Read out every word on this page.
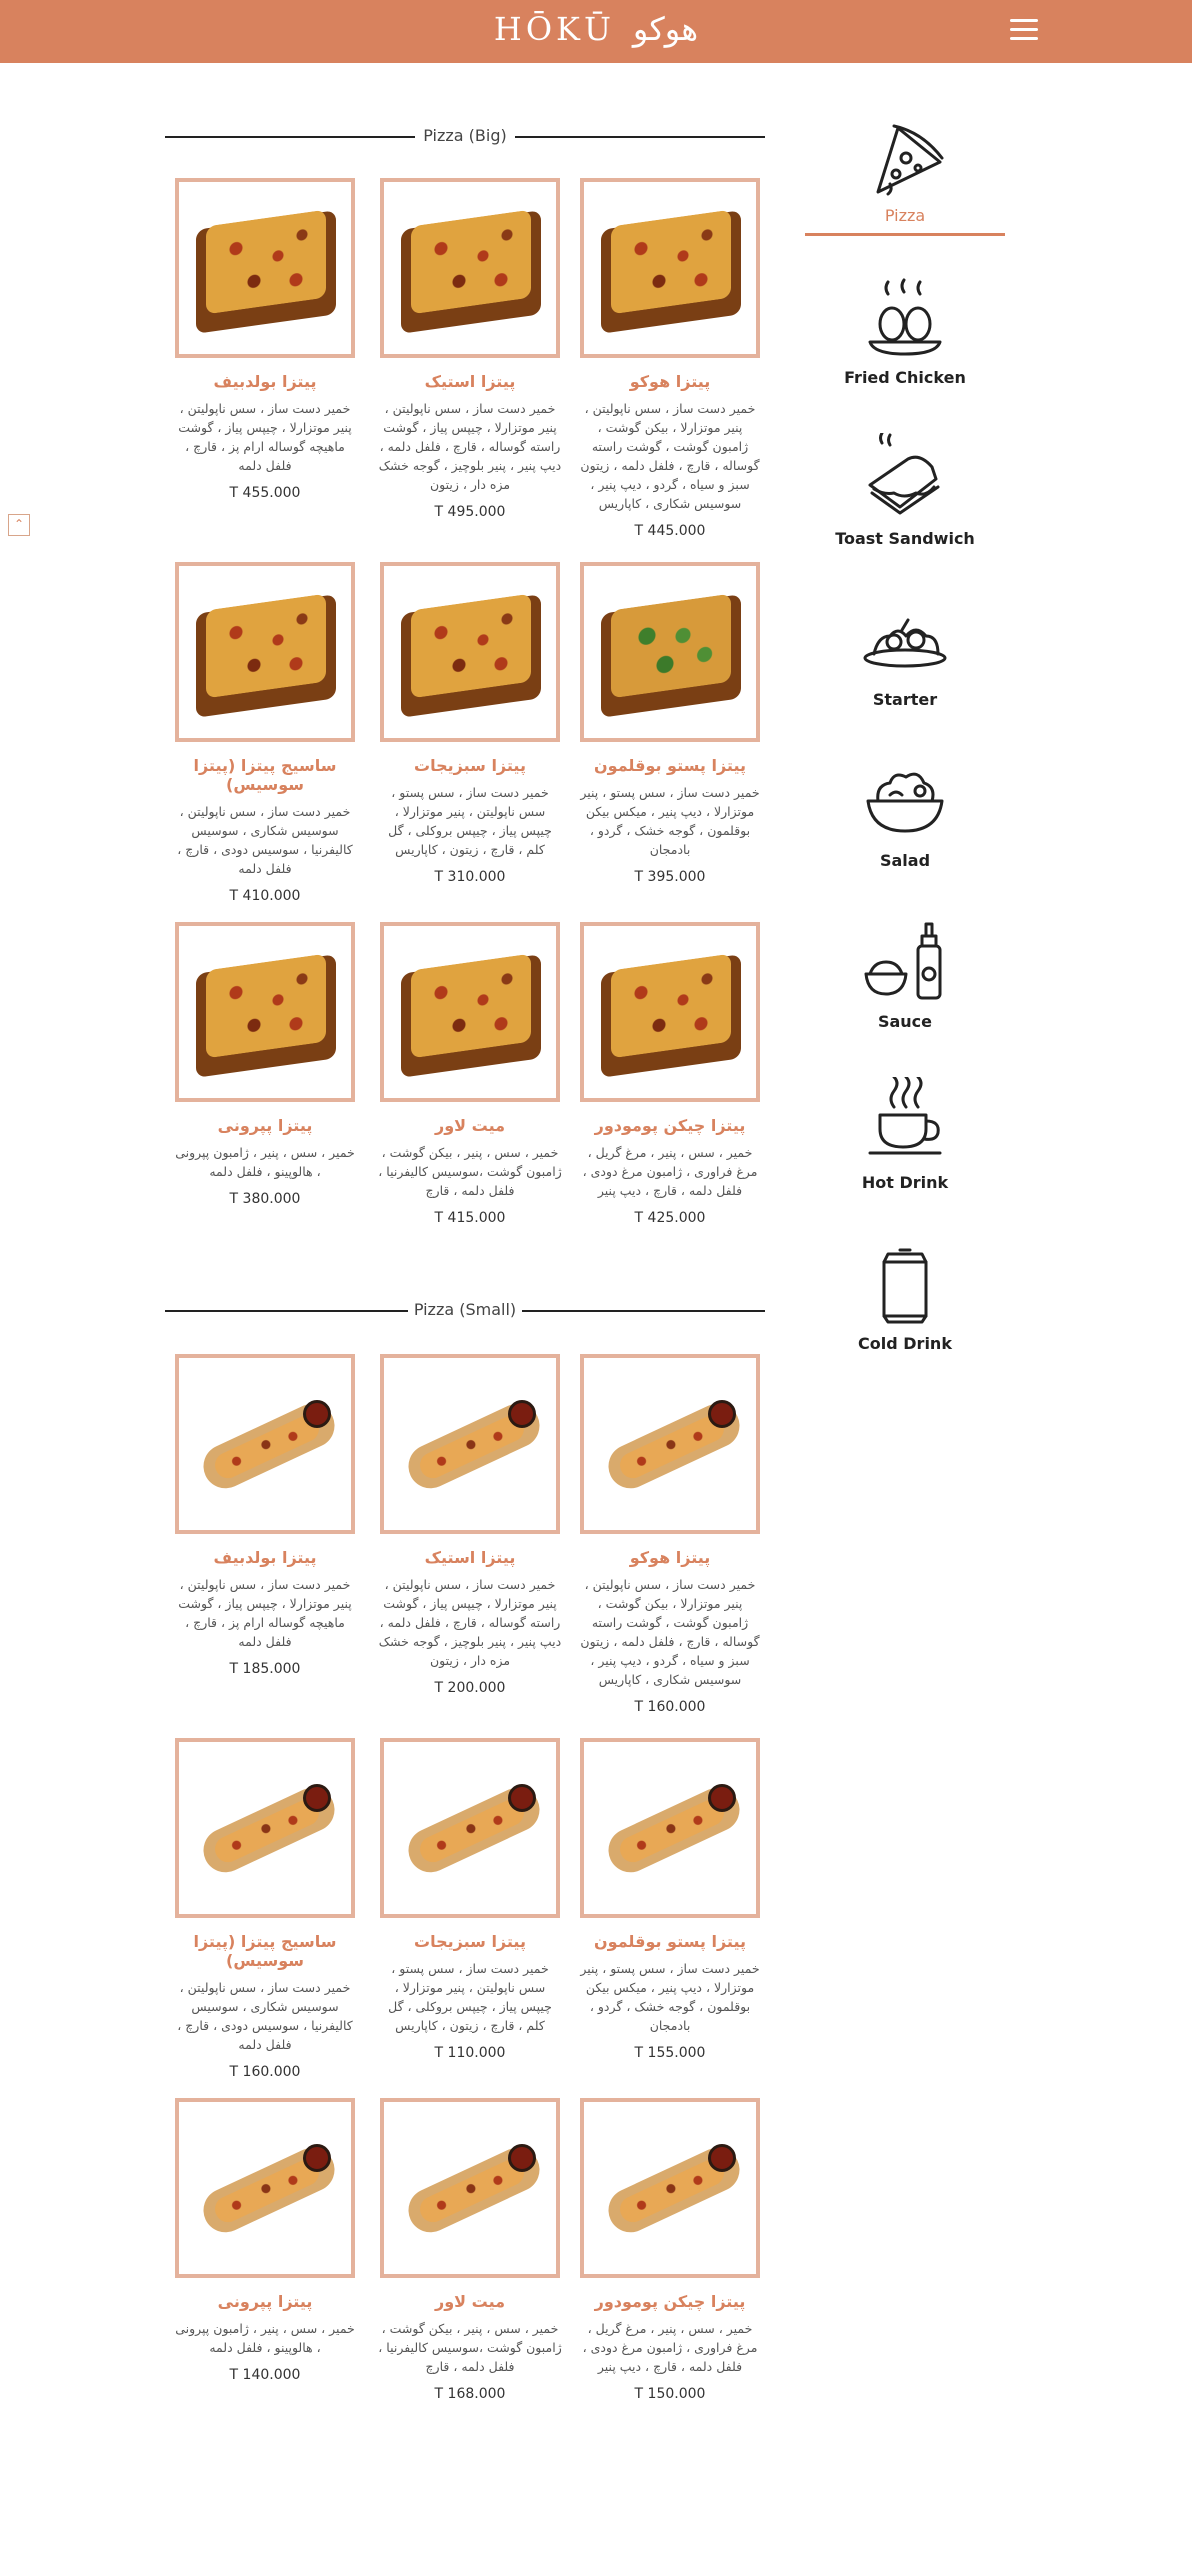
HŌKŪ هوکو
⌃
Pizza (Big)
پیتزا هوکو
خمیر دست ساز ، سس ناپولیتن ، پنیر موتزارلا ، بیکن گوشت ، ژامبون گوشت ، گوشت راسته گوساله ، قارچ ، فلفل دلمه ، زیتون سبز و سیاه ، گردو ، دیپ پنیر ، سوسیس شکاری ، کاپاریس
T 445.000
پیتزا استیک
خمیر دست ساز ، سس ناپولیتن ، پنیر موتزارلا ، چیپس پیاز ، گوشت راسته گوساله ، قارچ ، فلفل دلمه ، دیپ پنیر ، پنیر بلوچیز ، گوجه خشک مزه دار ، زیتون
T 495.000
پیتزا بولدبیف
خمیر دست ساز ، سس ناپولیتن ، پنیر موتزارلا ، چیپس پیاز ، گوشت ماهیچه گوساله ارام پز ، قارچ ، فلفل دلمه
T 455.000
پیتزا پستو بوقلمون
خمیر دست ساز ، سس پستو ، پنیر موتزارلا ، دیپ پنیر ، میکس بیکن بوقلمون ، گوجه خشک ، گردو ، بادمجان
T 395.000
پیتزا سبزیجات
خمیر دست ساز ، سس پستو ، سس ناپولیتن ، پنیر موتزارلا ، چیپس پیاز ، چیپس بروکلی ، گل کلم ، قارچ ، زیتون ، کاپاریس
T 310.000
ساسیج پیتزا (پیتزا سوسیس)
خمیر دست ساز ، سس ناپولیتن ، سوسیس شکاری ، سوسیس کالیفرنیا ، سوسیس دودی ، قارچ ، فلفل دلمه
T 410.000
پیتزا چیکن پومودور
خمیر ، سس ، پنیر ، مرغ گریل ، مرغ فراوری ، ژامبون مرغ دودی ، فلفل دلمه ، قارچ ، دیپ پنیر
T 425.000
میت لاور
خمیر ، سس ، پنیر ، بیکن گوشت ، ژامبون گوشت ،سوسیس کالیفرنیا ، فلفل دلمه ، قارچ
T 415.000
پیتزا پپرونی
خمیر ، سس ، پنیر ، ژامبون پپرونی ، هالوپینو ، فلفل دلمه
T 380.000
Pizza (Small)
پیتزا هوکو
خمیر دست ساز ، سس ناپولیتن ، پنیر موتزارلا ، بیکن گوشت ، ژامبون گوشت ، گوشت راسته گوساله ، قارچ ، فلفل دلمه ، زیتون سبز و سیاه ، گردو ، دیپ پنیر ، سوسیس شکاری ، کاپاریس
T 160.000
پیتزا استیک
خمیر دست ساز ، سس ناپولیتن ، پنیر موتزارلا ، چیپس پیاز ، گوشت راسته گوساله ، قارچ ، فلفل دلمه ، دیپ پنیر ، پنیر بلوچیز ، گوجه خشک مزه دار ، زیتون
T 200.000
پیتزا بولدبیف
خمیر دست ساز ، سس ناپولیتن ، پنیر موتزارلا ، چیپس پیاز ، گوشت ماهیچه گوساله ارام پز ، قارچ ، فلفل دلمه
T 185.000
پیتزا پستو بوقلمون
خمیر دست ساز ، سس پستو ، پنیر موتزارلا ، دیپ پنیر ، میکس بیکن بوقلمون ، گوجه خشک ، گردو ، بادمجان
T 155.000
پیتزا سبزیجات
خمیر دست ساز ، سس پستو ، سس ناپولیتن ، پنیر موتزارلا ، چیپس پیاز ، چیپس بروکلی ، گل کلم ، قارچ ، زیتون ، کاپاریس
T 110.000
ساسیج پیتزا (پیتزا سوسیس)
خمیر دست ساز ، سس ناپولیتن ، سوسیس شکاری ، سوسیس کالیفرنیا ، سوسیس دودی ، قارچ ، فلفل دلمه
T 160.000
پیتزا چیکن پومودور
خمیر ، سس ، پنیر ، مرغ گریل ، مرغ فراوری ، ژامبون مرغ دودی ، فلفل دلمه ، قارچ ، دیپ پنیر
T 150.000
میت لاور
خمیر ، سس ، پنیر ، بیکن گوشت ، ژامبون گوشت ،سوسیس کالیفرنیا ، فلفل دلمه ، قارچ
T 168.000
پیتزا پپرونی
خمیر ، سس ، پنیر ، ژامبون پپرونی ، هالوپینو ، فلفل دلمه
T 140.000
Pizza
Fried Chicken
Toast Sandwich
Starter
Salad
Sauce
Hot Drink
Cold Drink
